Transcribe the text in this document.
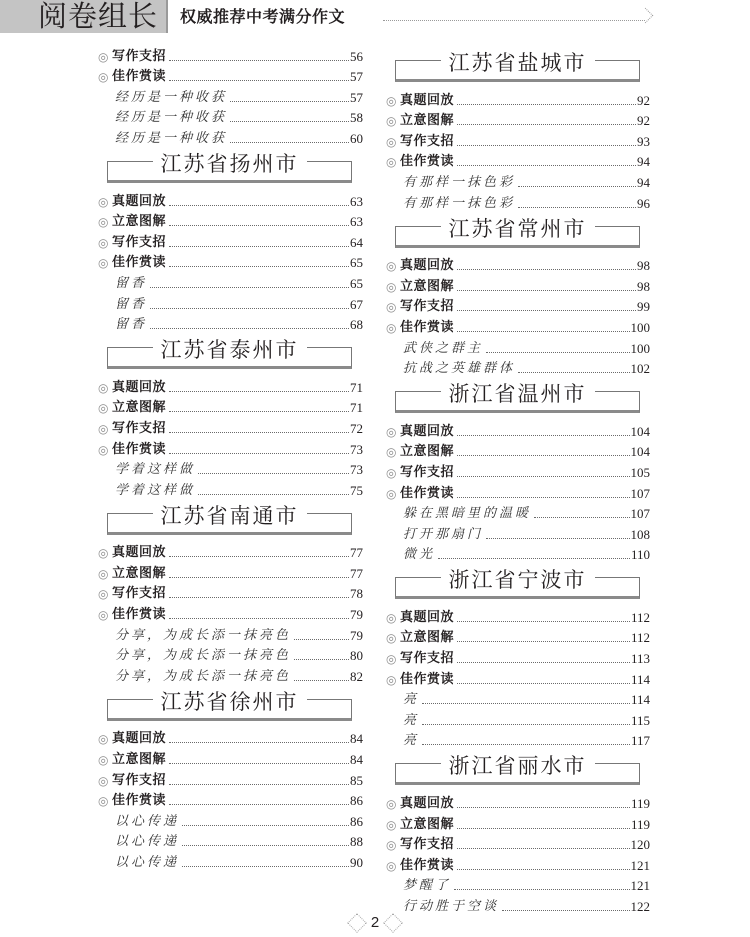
阅卷组长 权威推荐中考满分作文
◎ 写作支招	56
◎ 佳作赏读	57
经历是一种收获	57
经历是一种收获	58
经历是一种收获	60
江苏省扬州市
◎ 真题回放	63
◎ 立意图解	63
◎ 写作支招	64
◎ 佳作赏读	65
留香	65
留香	67
留香	68
江苏省泰州市
◎ 真题回放	71
◎ 立意图解	71
◎ 写作支招	72
◎ 佳作赏读	73
学着这样做	73
学着这样做	75
江苏省南通市
◎ 真题回放	77
◎ 立意图解	77
◎ 写作支招	78
◎ 佳作赏读	79
分享，为成长添一抹亮色	79
分享，为成长添一抹亮色	80
分享，为成长添一抹亮色	82
江苏省徐州市
◎ 真题回放	84
◎ 立意图解	84
◎ 写作支招	85
◎ 佳作赏读	86
以心传递	86
以心传递	88
以心传递	90
江苏省盐城市
◎ 真题回放	92
◎ 立意图解	92
◎ 写作支招	93
◎ 佳作赏读	94
有那样一抹色彩	94
有那样一抹色彩	96
江苏省常州市
◎ 真题回放	98
◎ 立意图解	98
◎ 写作支招	99
◎ 佳作赏读	100
武侠之群主	100
抗战之英雄群体	102
浙江省温州市
◎ 真题回放	104
◎ 立意图解	104
◎ 写作支招	105
◎ 佳作赏读	107
躲在黑暗里的温暖	107
打开那扇门	108
微光	110
浙江省宁波市
◎ 真题回放	112
◎ 立意图解	112
◎ 写作支招	113
◎ 佳作赏读	114
亮	114
亮	115
亮	117
浙江省丽水市
◎ 真题回放	119
◎ 立意图解	119
◎ 写作支招	120
◎ 佳作赏读	121
梦醒了	121
行动胜于空谈	122
2
